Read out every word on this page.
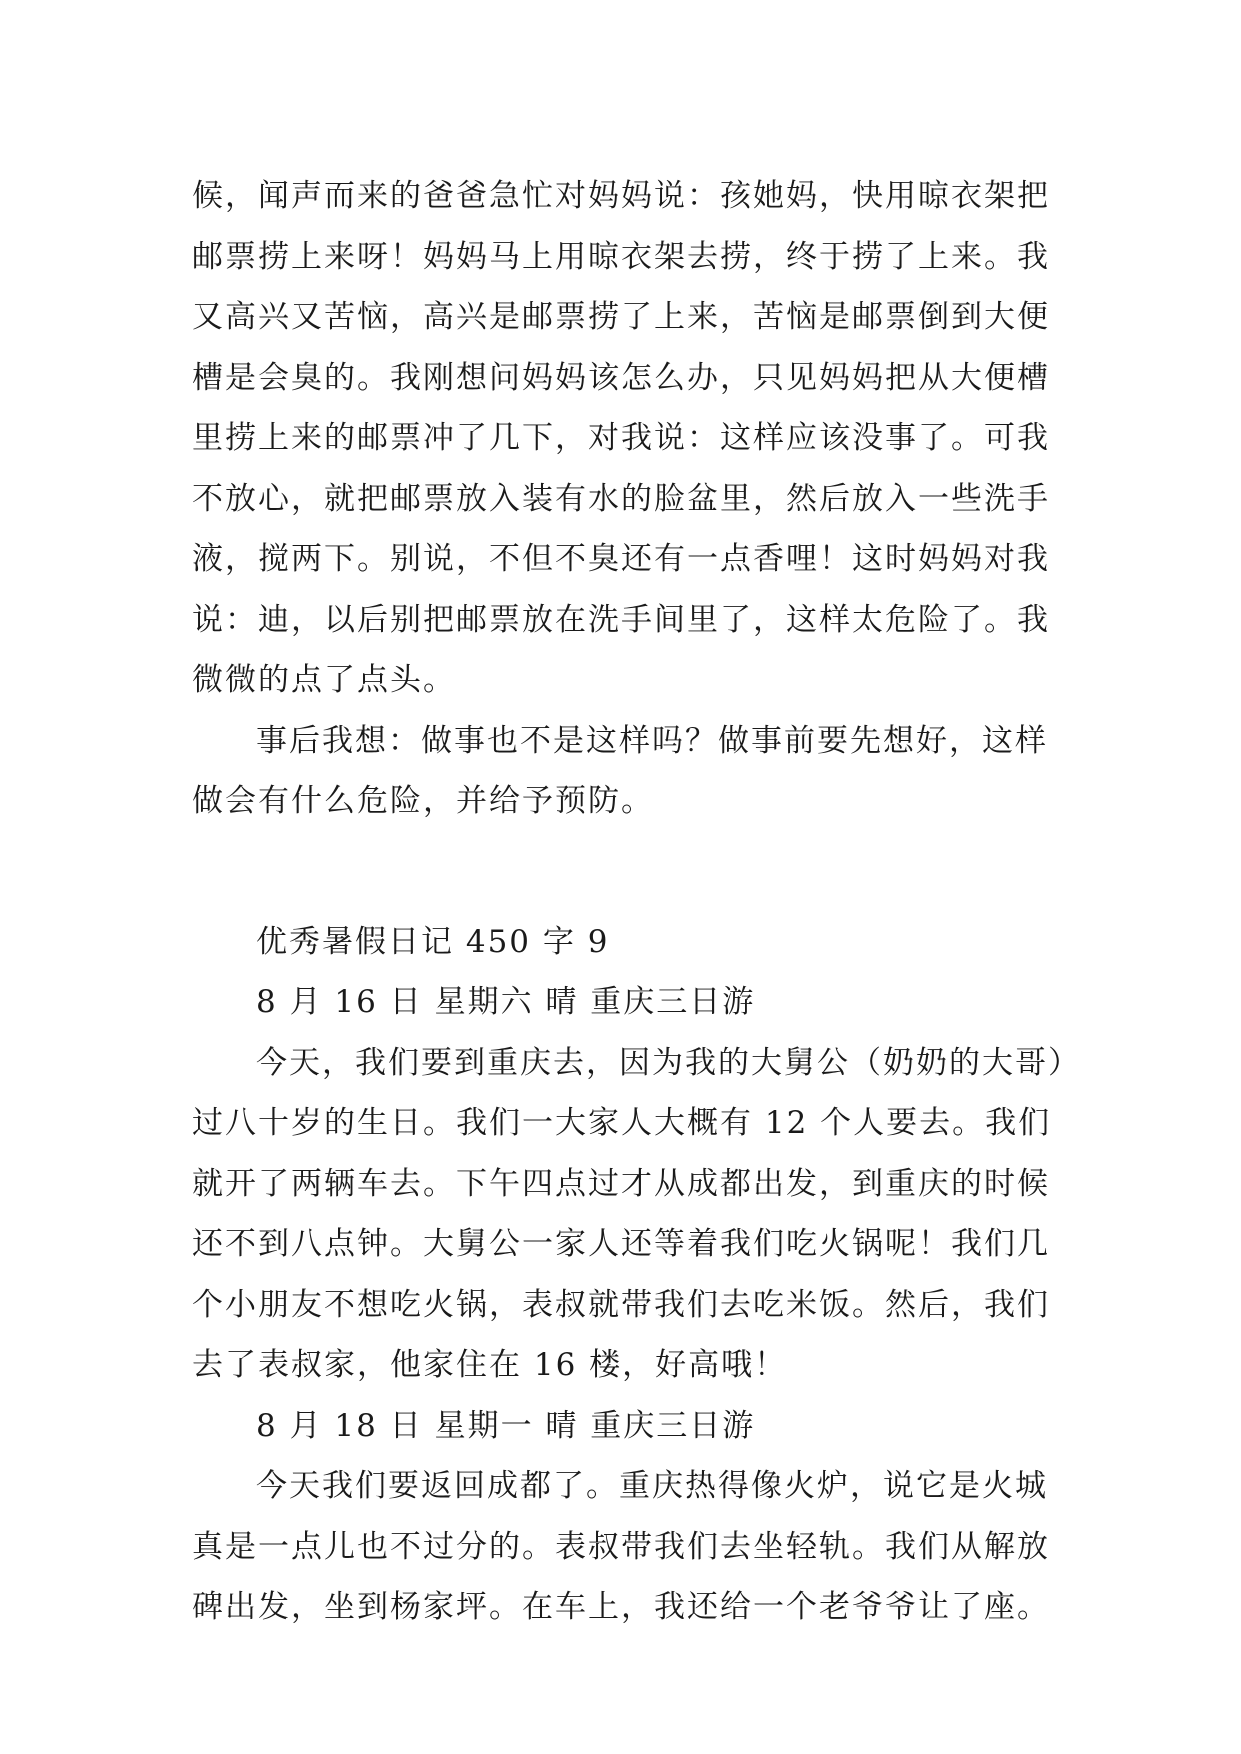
候，闻声而来的爸爸急忙对妈妈说：孩她妈，快用晾衣架把
邮票捞上来呀！妈妈马上用晾衣架去捞，终于捞了上来。我
又高兴又苦恼，高兴是邮票捞了上来，苦恼是邮票倒到大便
槽是会臭的。我刚想问妈妈该怎么办，只见妈妈把从大便槽
里捞上来的邮票冲了几下，对我说：这样应该没事了。可我
不放心，就把邮票放入装有水的脸盆里，然后放入一些洗手
液，搅两下。别说，不但不臭还有一点香哩！这时妈妈对我
说：迪，以后别把邮票放在洗手间里了，这样太危险了。我
微微的点了点头。
事后我想：做事也不是这样吗？做事前要先想好，这样
做会有什么危险，并给予预防。
优秀暑假日记 450 字 9
8 月 16 日 星期六 晴 重庆三日游
今天，我们要到重庆去，因为我的大舅公（奶奶的大哥）
过八十岁的生日。我们一大家人大概有 12 个人要去。我们
就开了两辆车去。下午四点过才从成都出发，到重庆的时候
还不到八点钟。大舅公一家人还等着我们吃火锅呢！我们几
个小朋友不想吃火锅，表叔就带我们去吃米饭。然后，我们
去了表叔家，他家住在 16 楼，好高哦！
8 月 18 日 星期一 晴 重庆三日游
今天我们要返回成都了。重庆热得像火炉，说它是火城
真是一点儿也不过分的。表叔带我们去坐轻轨。我们从解放
碑出发，坐到杨家坪。在车上，我还给一个老爷爷让了座。
